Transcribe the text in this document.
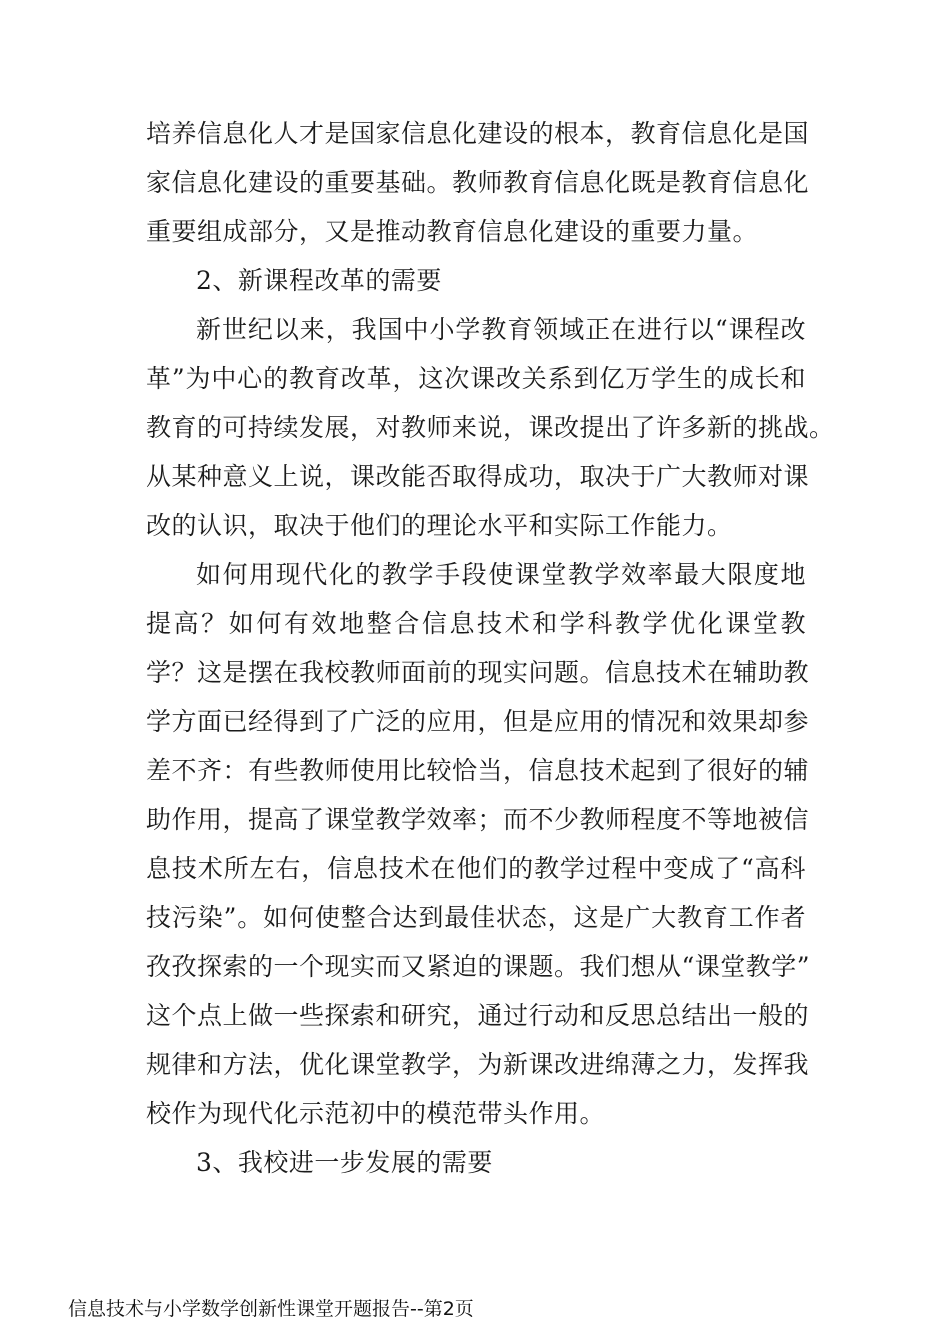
培养信息化人才是国家信息化建设的根本，教育信息化是国
家信息化建设的重要基础。教师教育信息化既是教育信息化
重要组成部分，又是推动教育信息化建设的重要力量。
2、新课程改革的需要
新世纪以来，我国中小学教育领域正在进行以“课程改
革”为中心的教育改革，这次课改关系到亿万学生的成长和
教育的可持续发展，对教师来说，课改提出了许多新的挑战。
从某种意义上说，课改能否取得成功，取决于广大教师对课
改的认识，取决于他们的理论水平和实际工作能力。
如何用现代化的教学手段使课堂教学效率最大限度地
提高？如何有效地整合信息技术和学科教学优化课堂教
学？这是摆在我校教师面前的现实问题。信息技术在辅助教
学方面已经得到了广泛的应用，但是应用的情况和效果却参
差不齐：有些教师使用比较恰当，信息技术起到了很好的辅
助作用，提高了课堂教学效率；而不少教师程度不等地被信
息技术所左右，信息技术在他们的教学过程中变成了“高科
技污染”。如何使整合达到最佳状态，这是广大教育工作者
孜孜探索的一个现实而又紧迫的课题。我们想从“课堂教学”
这个点上做一些探索和研究，通过行动和反思总结出一般的
规律和方法，优化课堂教学，为新课改进绵薄之力，发挥我
校作为现代化示范初中的模范带头作用。
3、我校进一步发展的需要
信息技术与小学数学创新性课堂开题报告--第2页
